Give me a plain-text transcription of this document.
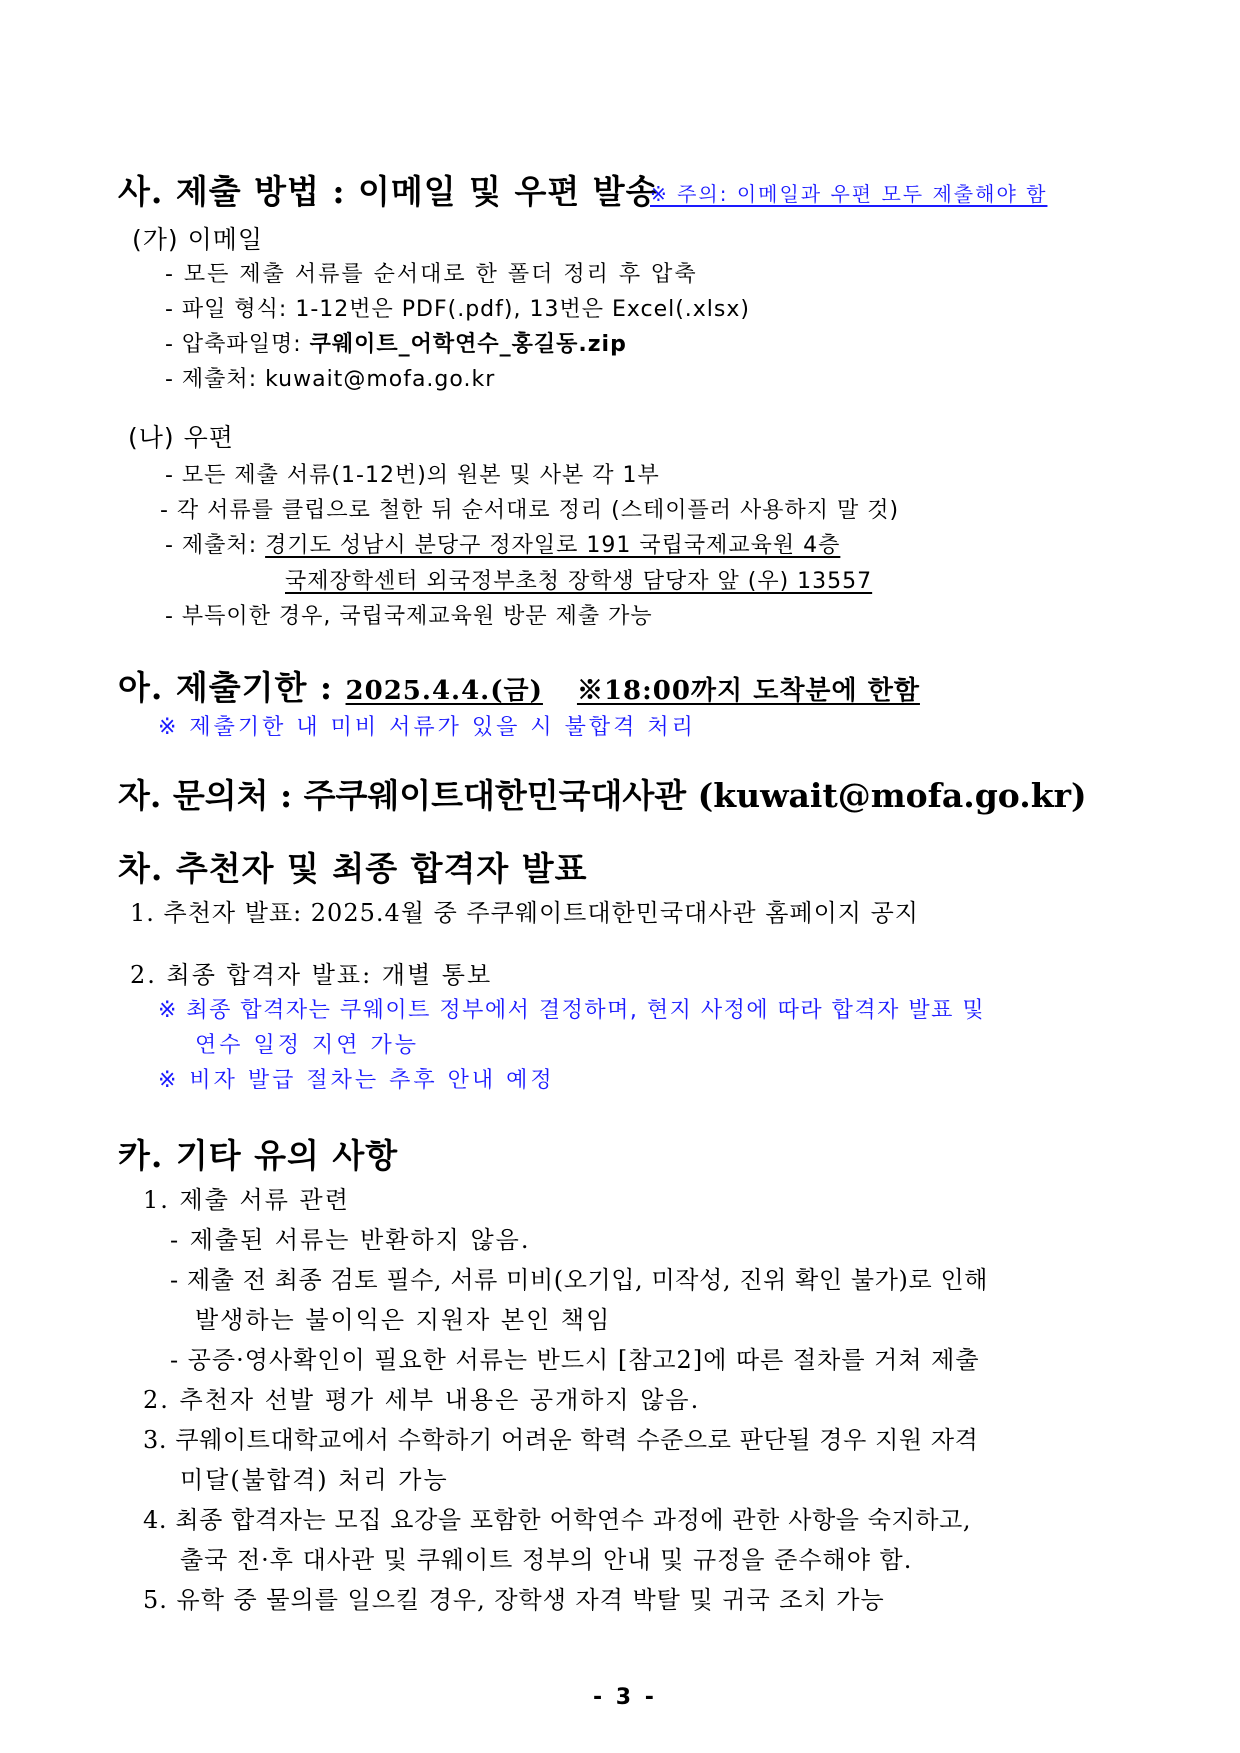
사. 제출 방법 : 이메일 및 우편 발송
※ 주의: 이메일과 우편 모두 제출해야 함
(가) 이메일
- 모든 제출 서류를 순서대로 한 폴더 정리 후 압축
- 파일 형식: 1-12번은 PDF(.pdf), 13번은 Excel(.xlsx)
- 압축파일명: 쿠웨이트_어학연수_홍길동.zip
- 제출처: kuwait@mofa.go.kr
(나) 우편
- 모든 제출 서류(1-12번)의 원본 및 사본 각 1부
- 각 서류를 클립으로 철한 뒤 순서대로 정리 (스테이플러 사용하지 말 것)
- 제출처: 경기도 성남시 분당구 정자일로 191 국립국제교육원 4층
국제장학센터 외국정부초청 장학생 담당자 앞 (우) 13557
- 부득이한 경우, 국립국제교육원 방문 제출 가능
아. 제출기한 : 2025.4.4.(금) ※18:00까지 도착분에 한함
※ 제출기한 내 미비 서류가 있을 시 불합격 처리
자. 문의처 : 주쿠웨이트대한민국대사관 (kuwait@mofa.go.kr)
차. 추천자 및 최종 합격자 발표
1. 추천자 발표: 2025.4월 중 주쿠웨이트대한민국대사관 홈페이지 공지
2. 최종 합격자 발표: 개별 통보
※ 최종 합격자는 쿠웨이트 정부에서 결정하며, 현지 사정에 따라 합격자 발표 및
연수 일정 지연 가능
※ 비자 발급 절차는 추후 안내 예정
카. 기타 유의 사항
1. 제출 서류 관련
- 제출된 서류는 반환하지 않음.
- 제출 전 최종 검토 필수, 서류 미비(오기입, 미작성, 진위 확인 불가)로 인해
발생하는 불이익은 지원자 본인 책임
- 공증·영사확인이 필요한 서류는 반드시 [참고2]에 따른 절차를 거쳐 제출
2. 추천자 선발 평가 세부 내용은 공개하지 않음.
3. 쿠웨이트대학교에서 수학하기 어려운 학력 수준으로 판단될 경우 지원 자격
미달(불합격) 처리 가능
4. 최종 합격자는 모집 요강을 포함한 어학연수 과정에 관한 사항을 숙지하고,
출국 전·후 대사관 및 쿠웨이트 정부의 안내 및 규정을 준수해야 함.
5. 유학 중 물의를 일으킬 경우, 장학생 자격 박탈 및 귀국 조치 가능
- 3 -
